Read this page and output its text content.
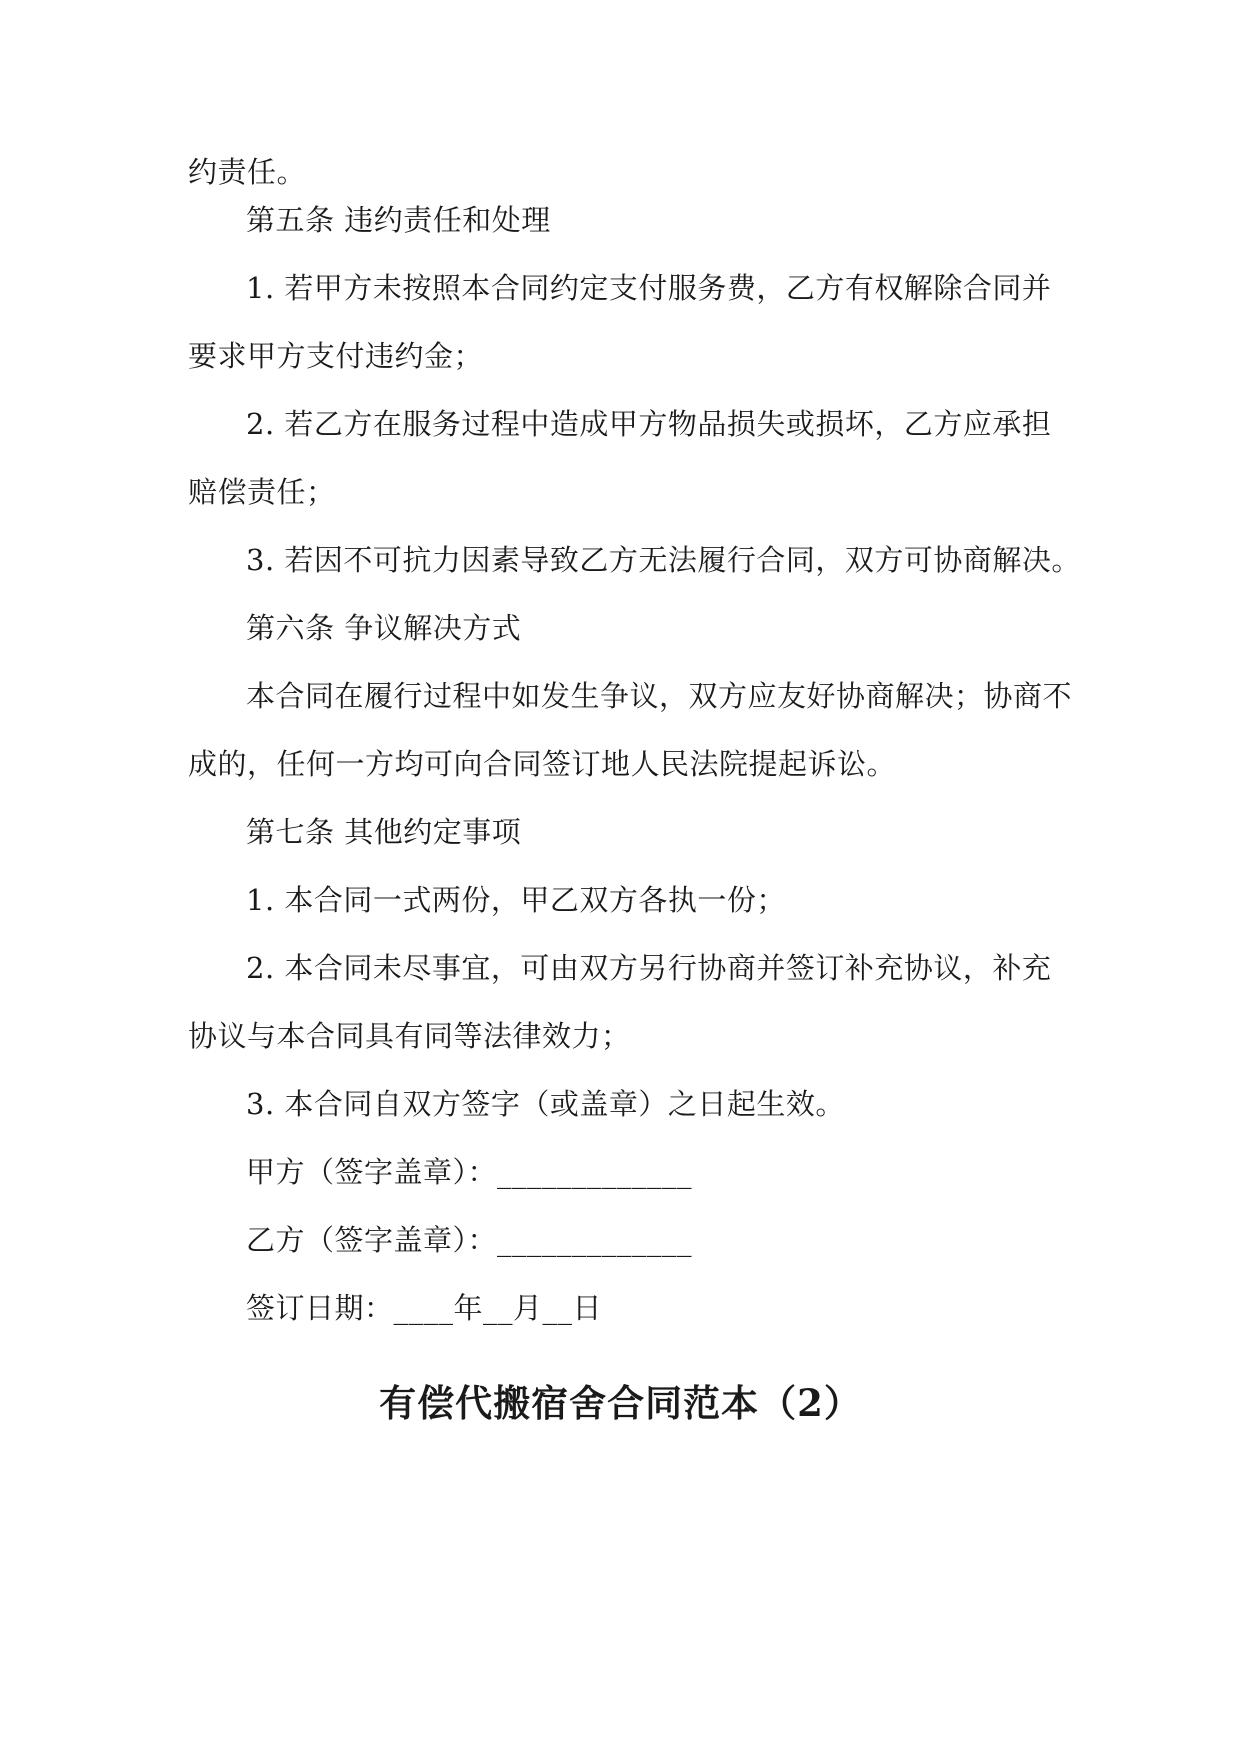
约责任。
第五条 违约责任和处理
1. 若甲方未按照本合同约定支付服务费，乙方有权解除合同并
要求甲方支付违约金；
2. 若乙方在服务过程中造成甲方物品损失或损坏，乙方应承担
赔偿责任；
3. 若因不可抗力因素导致乙方无法履行合同，双方可协商解决。
第六条 争议解决方式
本合同在履行过程中如发生争议，双方应友好协商解决；协商不
成的，任何一方均可向合同签订地人民法院提起诉讼。
第七条 其他约定事项
1. 本合同一式两份，甲乙双方各执一份；
2. 本合同未尽事宜，可由双方另行协商并签订补充协议，补充
协议与本合同具有同等法律效力；
3. 本合同自双方签字（或盖章）之日起生效。
甲方（签字盖章）：_____________
乙方（签字盖章）：_____________
签订日期：____年__月__日
有偿代搬宿舍合同范本（2）
